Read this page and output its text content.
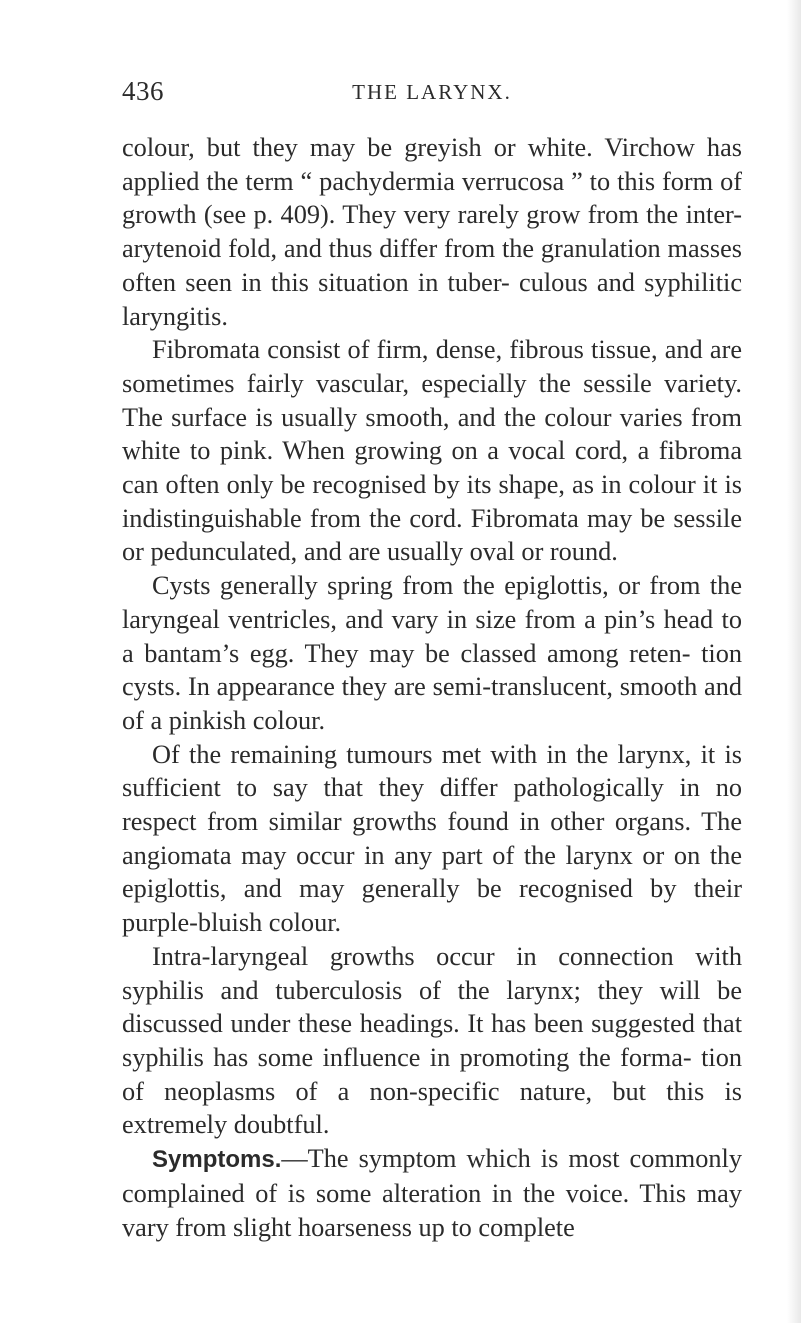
436	THE LARYNX.

colour, but they may be greyish or white. Virchow has applied the term “ pachydermia verrucosa ” to this form of growth (see p. 409). They very rarely grow from the inter-arytenoid fold, and thus differ from the granulation masses often seen in this situation in tuber- culous and syphilitic laryngitis.

Fibromata consist of firm, dense, fibrous tissue, and are sometimes fairly vascular, especially the sessile variety. The surface is usually smooth, and the colour varies from white to pink. When growing on a vocal cord, a fibroma can often only be recognised by its shape, as in colour it is indistinguishable from the cord. Fibromata may be sessile or pedunculated, and are usually oval or round.

Cysts generally spring from the epiglottis, or from the laryngeal ventricles, and vary in size from a pin’s head to a bantam’s egg. They may be classed among reten- tion cysts. In appearance they are semi-translucent, smooth and of a pinkish colour.

Of the remaining tumours met with in the larynx, it is sufficient to say that they differ pathologically in no respect from similar growths found in other organs. The angiomata may occur in any part of the larynx or on the epiglottis, and may generally be recognised by their purple-bluish colour.

Intra-laryngeal growths occur in connection with syphilis and tuberculosis of the larynx; they will be discussed under these headings. It has been suggested that syphilis has some influence in promoting the forma- tion of neoplasms of a non-specific nature, but this is extremely doubtful.

Symptoms.—The symptom which is most commonly complained of is some alteration in the voice. This may vary from slight hoarseness up to complete
